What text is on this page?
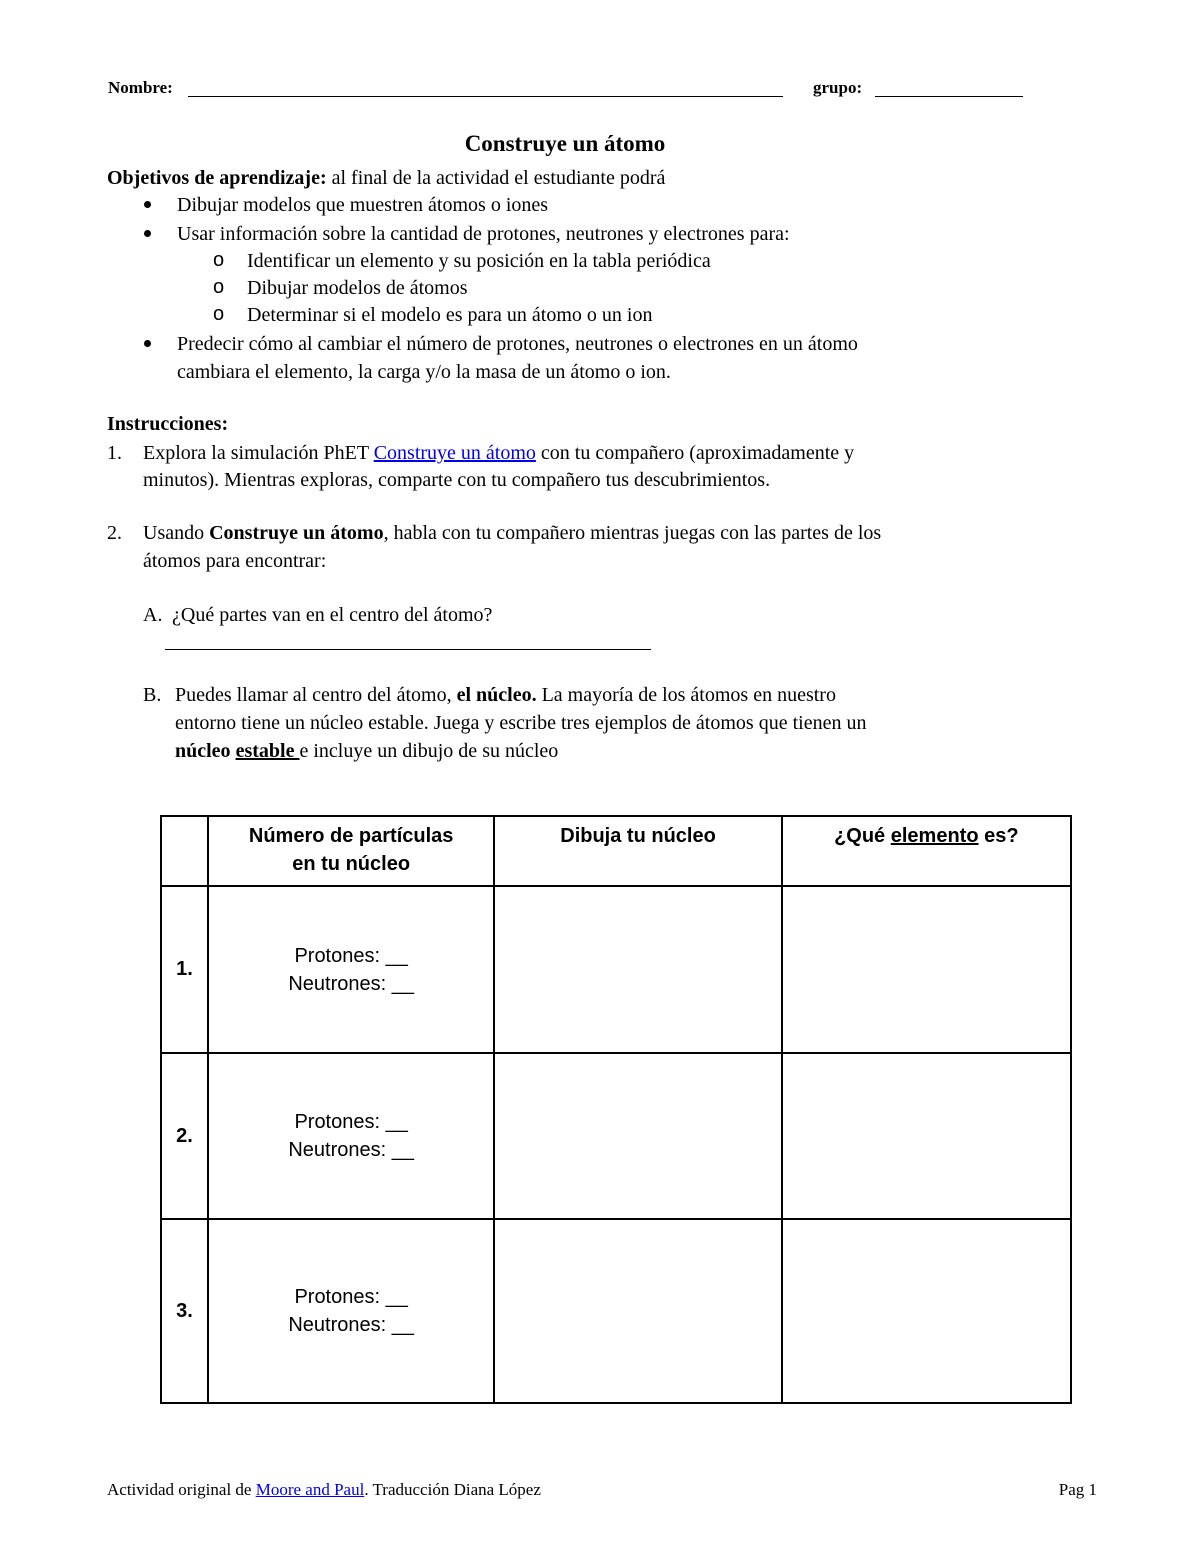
Nombre:	grupo:
Construye un átomo
Objetivos de aprendizaje: al final de la actividad el estudiante podrá
Dibujar modelos que muestren átomos o iones
Usar información sobre la cantidad de protones, neutrones y electrones para:
o Identificar un elemento y su posición en la tabla periódica
o Dibujar modelos de átomos
o Determinar si el modelo es para un átomo o un ion
Predecir cómo al cambiar el número de protones, neutrones o electrones en un átomo
cambiara el elemento, la carga y/o la masa de un átomo o ion.
Instrucciones:
1. Explora la simulación PhET Construye un átomo con tu compañero (aproximadamente y
minutos). Mientras exploras, comparte con tu compañero tus descubrimientos.
2. Usando Construye un átomo, habla con tu compañero mientras juegas con las partes de los
átomos para encontrar:
A. ¿Qué partes van en el centro del átomo?
B. Puedes llamar al centro del átomo, el núcleo. La mayoría de los átomos en nuestro
entorno tiene un núcleo estable. Juega y escribe tres ejemplos de átomos que tienen un
núcleo estable e incluye un dibujo de su núcleo

	Número de partículas en tu núcleo	Dibuja tu núcleo	¿Qué elemento es?
1.	Protones: __
Neutrones: __		

2.	Protones: __
Neutrones: __		

3.	Protones: __
Neutrones: __		

Actividad original de Moore and Paul. Traducción Diana López	Pag 1
